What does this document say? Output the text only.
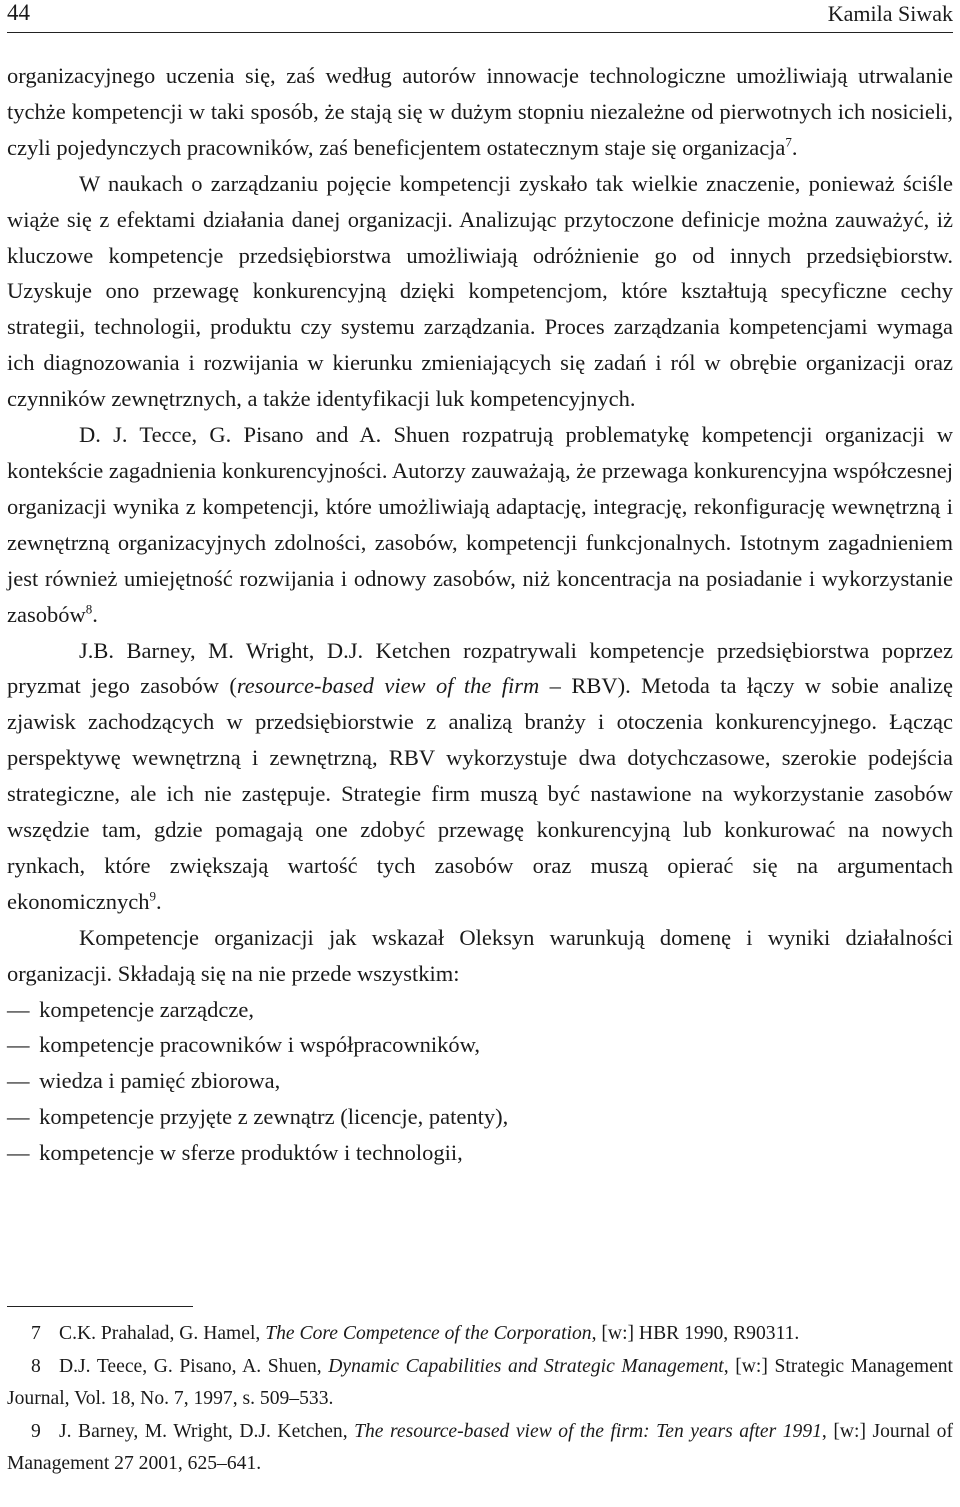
44	Kamila Siwak

organizacyjnego uczenia się, zaś według autorów innowacje technologiczne umożliwiają utrwalanie tychże kompetencji w taki sposób, że stają się w dużym stopniu niezależne od pierwotnych ich nosicieli, czyli pojedynczych pracowników, zaś beneficjentem ostatecznym staje się organizacja$^7$.

W naukach o zarządzaniu pojęcie kompetencji zyskało tak wielkie znaczenie, ponieważ ściśle wiąże się z efektami działania danej organizacji. Analizując przytoczone definicje można zauważyć, iż kluczowe kompetencje przedsiębiorstwa umożliwiają odróżnienie go od innych przedsiębiorstw. Uzyskuje ono przewagę konkurencyjną dzięki kompetencjom, które kształtują specyficzne cechy strategii, technologii, produktu czy systemu zarządzania. Proces zarządzania kompetencjami wymaga ich diagnozowania i rozwijania w kierunku zmieniających się zadań i ról w obrębie organizacji oraz czynników zewnętrznych, a także identyfikacji luk kompetencyjnych.

D. J. Tecce, G. Pisano and A. Shuen rozpatrują problematykę kompetencji organizacji w kontekście zagadnienia konkurencyjności. Autorzy zauważają, że przewaga konkurencyjna współczesnej organizacji wynika z kompetencji, które umożliwiają adaptację, integrację, rekonfigurację wewnętrzną i zewnętrzną organizacyjnych zdolności, zasobów, kompetencji funkcjonalnych. Istotnym zagadnieniem jest również umiejętność rozwijania i odnowy zasobów, niż koncentracja na posiadanie i wykorzystanie zasobów$^8$.

J.B. Barney, M. Wright, D.J. Ketchen rozpatrywali kompetencje przedsiębiorstwa poprzez pryzmat jego zasobów (resource-based view of the firm – RBV). Metoda ta łączy w sobie analizę zjawisk zachodzących w przedsiębiorstwie z analizą branży i otoczenia konkurencyjnego. Łącząc perspektywę wewnętrzną i zewnętrzną, RBV wykorzystuje dwa dotychczasowe, szerokie podejścia strategiczne, ale ich nie zastępuje. Strategie firm muszą być nastawione na wykorzystanie zasobów wszędzie tam, gdzie pomagają one zdobyć przewagę konkurencyjną lub konkurować na nowych rynkach, które zwiększają wartość tych zasobów oraz muszą opierać się na argumentach ekonomicznych$^9$.

Kompetencje organizacji jak wskazał Oleksyn warunkują domenę i wyniki działalności organizacji. Składają się na nie przede wszystkim:

— kompetencje zarządcze,
— kompetencje pracowników i współpracowników,
— wiedza i pamięć zbiorowa,
— kompetencje przyjęte z zewnątrz (licencje, patenty),
— kompetencje w sferze produktów i technologii,

7 C.K. Prahalad, G. Hamel, The Core Competence of the Corporation, [w:] HBR 1990, R90311.

8 D.J. Teece, G. Pisano, A. Shuen, Dynamic Capabilities and Strategic Management, [w:] Strategic Management Journal, Vol. 18, No. 7, 1997, s. 509–533.

9 J. Barney, M. Wright, D.J. Ketchen, The resource-based view of the firm: Ten years after 1991, [w:] Journal of Management 27 2001, 625–641.
